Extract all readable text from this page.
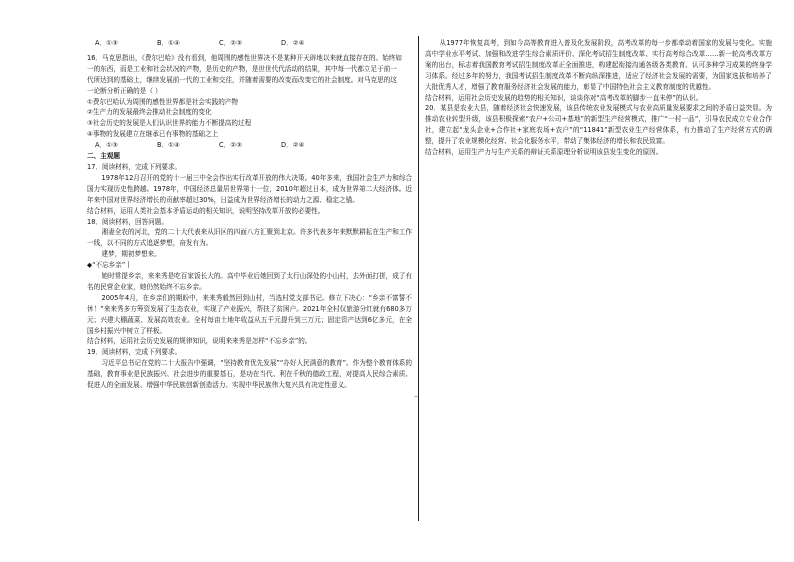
┈
A．①③	B．①④	C．②③	D．②④
16．马克思指出，《费尔巴哈》没有看到，他周围的感性世界决不是某种开天辟地以来就直接存在的、始终如
一的东西，而是工业和社会状况的产物，是历史的产物，是世世代代活动的结果，其中每一代都立足于前一
代所达到的基础上，继续发展前一代的工业和交往，并随着需要的改变而改变它的社会制度。对马克思的这
一论断分析正确的是（ ）
①费尔巴哈认为周围的感性世界都是社会实践的产物
②生产力的发展最终会推动社会制度的变化
③社会历史的发展是人们认识世界的能力不断提高的过程
④事物的发展建立在继承已有事物的基础之上
A．①③	B．①④	C．②③	D．②④
二、主观题
17．阅读材料，完成下列要求。
1978年12月召开的党的十一届三中全会作出实行改革开放的伟大决策。40年多来，我国社会生产力和综合国力实现历史性跨越。1978年，中国经济总量居世界第十一位，2010年超过日本，成为世界第二大经济体。近年来中国对世界经济增长的贡献率超过30%，日益成为世界经济增长的动力之源、稳定之锚。
结合材料，运用人类社会基本矛盾运动的相关知识，说明坚持改革开放的必要性。
18．阅读材料，回答问题。
湘妻全农的河北，党的二十大代表来从旧区的四面八方汇聚到北京。许多代表多年来默默耕耘在生产和工作一线，以不同的方式追逐梦想，奋发有为。
建梦，期初梦想来。
◆“不忘乡亲”丨
她时常提乡亲，来来秀是吃百家饭长大的。高中毕业后她回到了太行山深处的小山村，去外面打拼，成了有名的民营企业家，她仍然始终不忘乡亲。
2005年4月，在乡亲们的期盼中，来来秀毅然回到山村，当选村党支部书记。修立下决心：“乡亲不富誓不休！”来来秀多方筹资发展了生态农业，实现了产业振兴，帮扶了贫困户。2021年全村仅旅游分红就有680多万元；兴建大棚蔬菜、发展高效农业。全村每亩土地年收益从五千元提升到三万元；固定资产达到6亿多元，在全国乡村振兴中树立了样板。
结合材料，运用社会历史发展的规律知识，说明来来秀是怎样“不忘乡亲”的。
19．阅读材料，完成下列要求。
习近平总书记在党的二十大报告中强调，“坚持教育优先发展”“办好人民满意的教育”。作为整个教育体系的基础，教育事业是民族振兴、社会进步的重要基石，是功在当代、利在千秋的德政工程，对提高人民综合素质、促进人的全面发展、增强中华民族创新创造活力、实现中华民族伟大复兴具有决定性意义。
从1977年恢复高考，到如今高等教育进入普及化发展阶段，高考改革的每一步都牵动着国家的发展与变化。实施高中学业水平考试、加强和改进学生综合素质评价、深化考试招生制度改革、实行高考综合改革……新一轮高考改革方案的出台，标志着我国教育考试招生制度改革正全面推进，构建起衔接沟通各级各类教育、认可多种学习成果的终身学习体系。经过多年的努力，我国考试招生制度改革不断向纵深推进，适应了经济社会发展的需要，为国家选拔和培养了大批优秀人才，增强了教育服务经济社会发展的能力，彰显了中国特色社会主义教育制度的优越性。
结合材料，运用社会历史发展的趋势的相关知识，谈谈你对“高考改革的脚步一直未停”的认识。
20．某县是农业大县，随着经济社会快速发展，该县传统农业发展模式与农业高质量发展要求之间的矛盾日益突显。为推动农业转型升级，该县积极探索“农户+公司+基地”的新型生产经营模式，推广“一村一品”，引导农民成立专业合作社，建立起“龙头企业+合作社+家庭农场+农户”的“11841”新型农业生产经营体系，有力推动了生产经营方式的调整，提升了农业规模化经营、社会化服务水平，带动了集体经济的增长和农民致富。
结合材料，运用生产力与生产关系的辩证关系原理分析说明该县发生变化的原因。
